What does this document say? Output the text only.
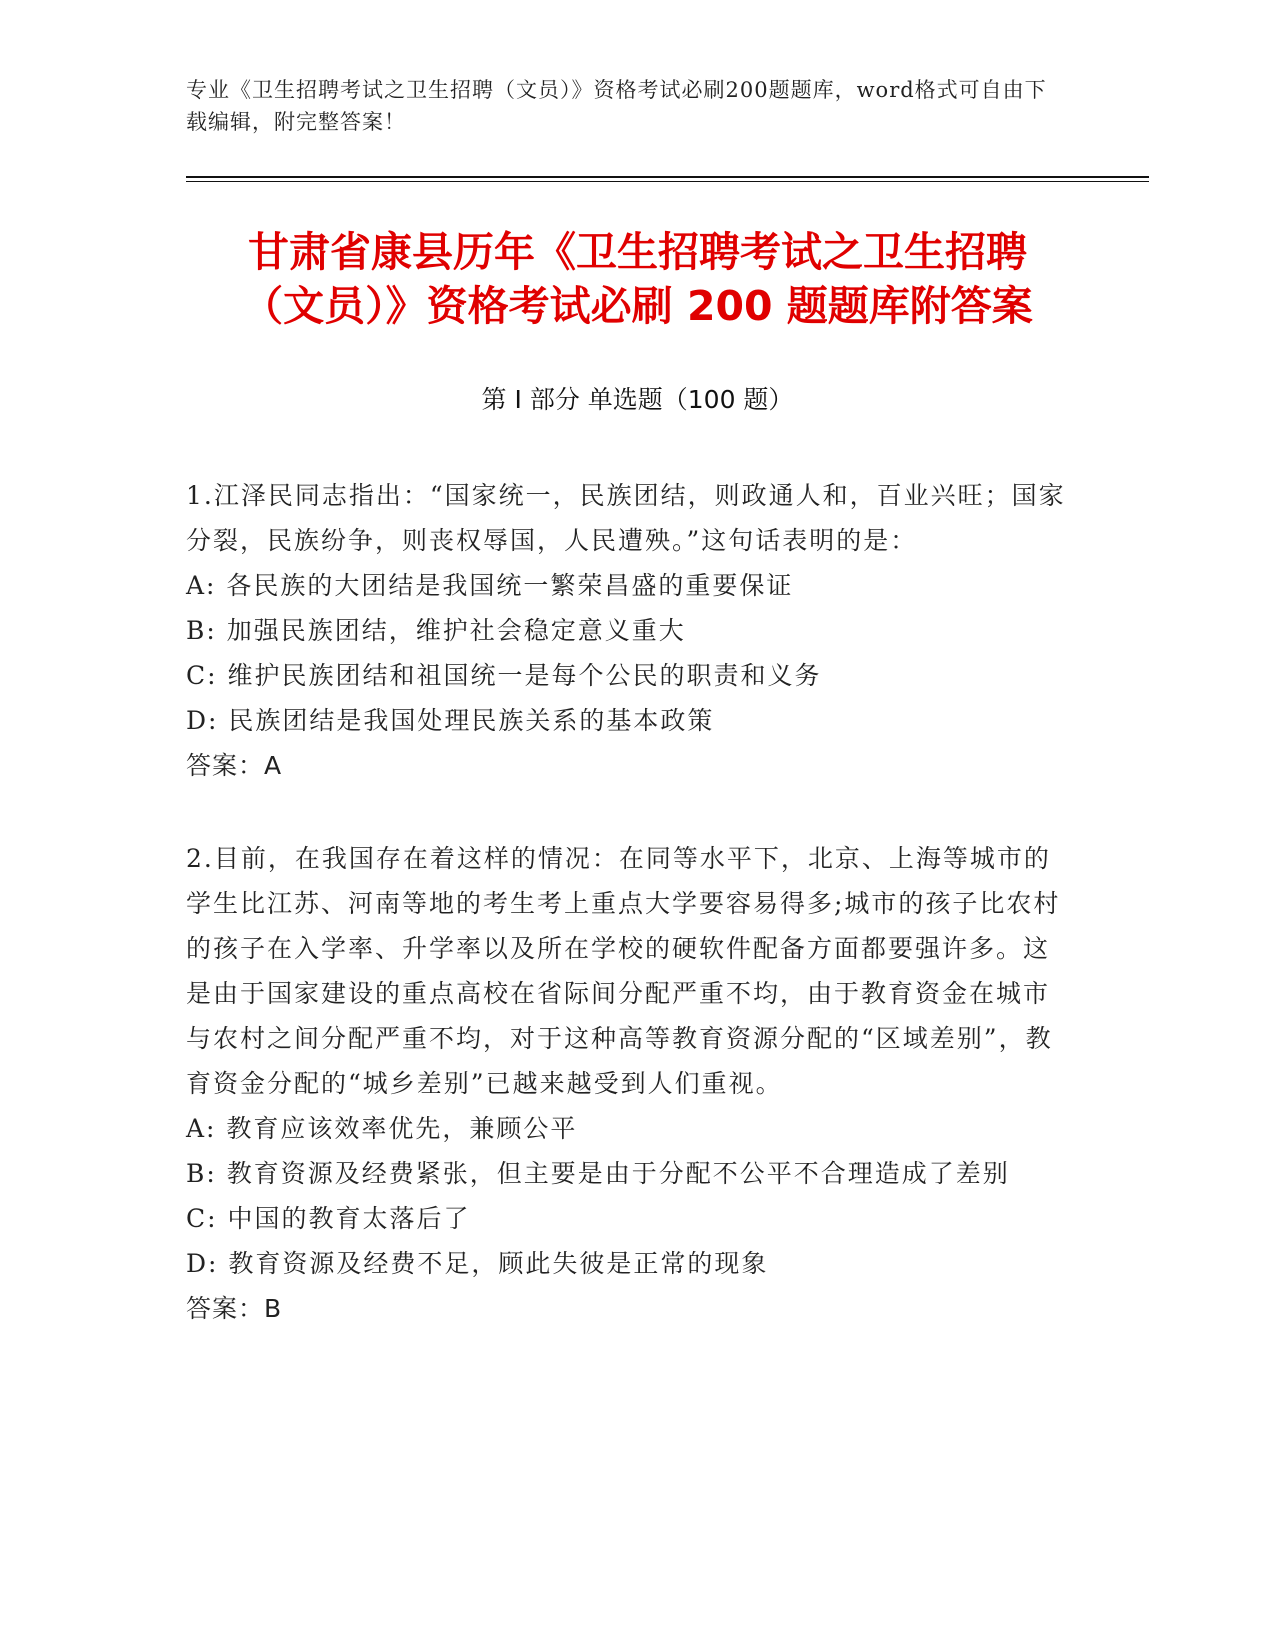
专业《卫生招聘考试之卫生招聘（文员）》资格考试必刷200题题库，word格式可自由下载编辑，附完整答案！
甘肃省康县历年《卫生招聘考试之卫生招聘
（文员）》资格考试必刷 200 题题库附答案
第 I 部分 单选题（100 题）

1.江泽民同志指出：“国家统一，民族团结，则政通人和，百业兴旺；国家分裂，民族纷争，则丧权辱国，人民遭殃。”这句话表明的是：

A: 各民族的大团结是我国统一繁荣昌盛的重要保证

B: 加强民族团结，维护社会稳定意义重大

C: 维护民族团结和祖国统一是每个公民的职责和义务

D: 民族团结是我国处理民族关系的基本政策

答案：A

2.目前，在我国存在着这样的情况：在同等水平下，北京、上海等城市的学生比江苏、河南等地的考生考上重点大学要容易得多;城市的孩子比农村的孩子在入学率、升学率以及所在学校的硬软件配备方面都要强许多。这是由于国家建设的重点高校在省际间分配严重不均，由于教育资金在城市与农村之间分配严重不均，对于这种高等教育资源分配的“区域差别”，教育资金分配的“城乡差别”已越来越受到人们重视。

A: 教育应该效率优先，兼顾公平

B: 教育资源及经费紧张，但主要是由于分配不公平不合理造成了差别

C: 中国的教育太落后了

D: 教育资源及经费不足，顾此失彼是正常的现象

答案：B
